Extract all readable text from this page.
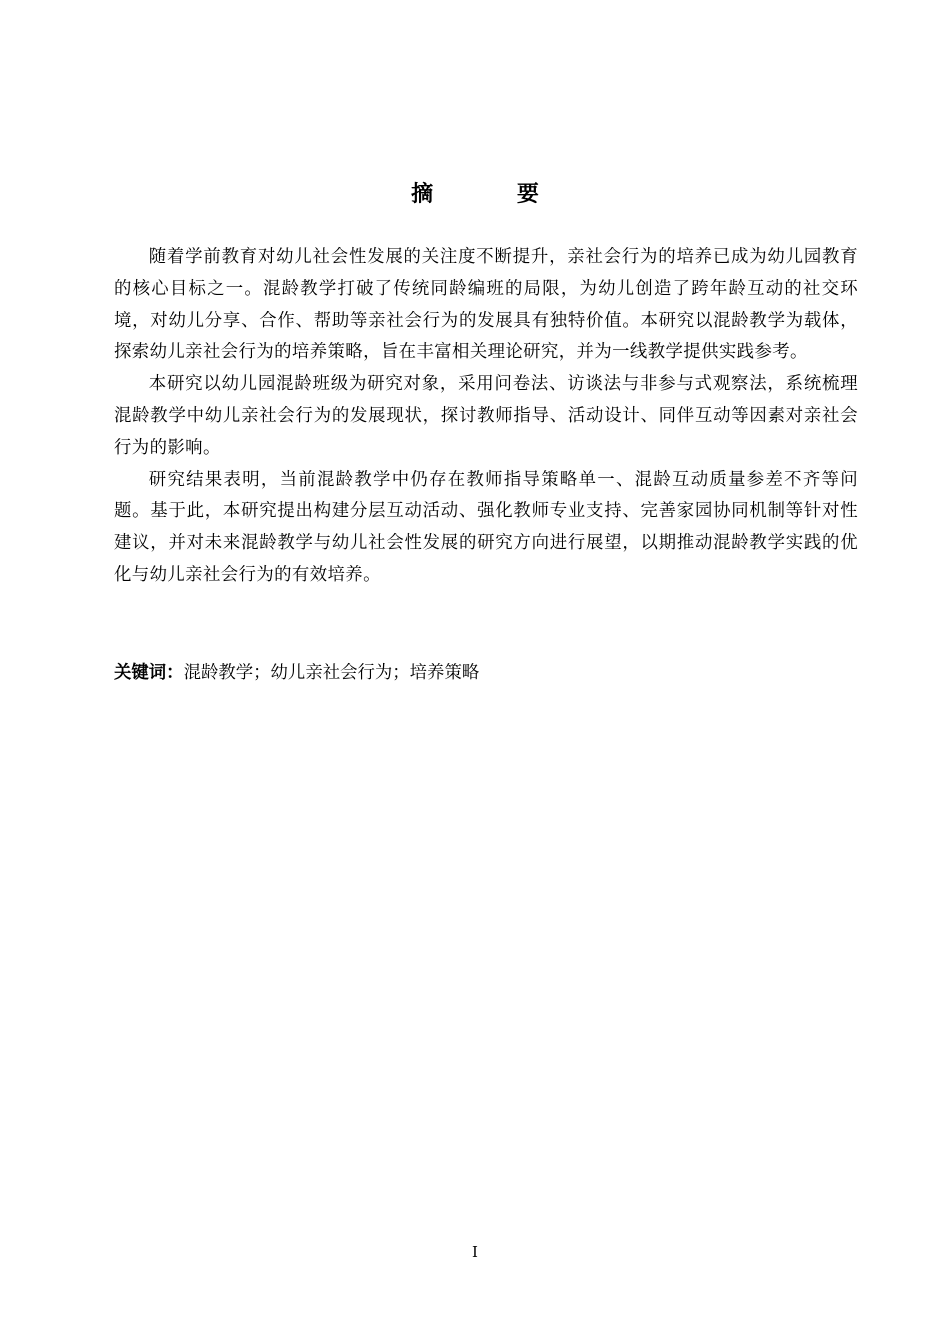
摘 要

随着学前教育对幼儿社会性发展的关注度不断提升，亲社会行为的培养已成为幼儿园教育的核心目标之一。混龄教学打破了传统同龄编班的局限，为幼儿创造了跨年龄互动的社交环境，对幼儿分享、合作、帮助等亲社会行为的发展具有独特价值。本研究以混龄教学为载体，探索幼儿亲社会行为的培养策略，旨在丰富相关理论研究，并为一线教学提供实践参考。

本研究以幼儿园混龄班级为研究对象，采用问卷法、访谈法与非参与式观察法，系统梳理混龄教学中幼儿亲社会行为的发展现状，探讨教师指导、活动设计、同伴互动等因素对亲社会行为的影响。

研究结果表明，当前混龄教学中仍存在教师指导策略单一、混龄互动质量参差不齐等问题。基于此，本研究提出构建分层互动活动、强化教师专业支持、完善家园协同机制等针对性建议，并对未来混龄教学与幼儿社会性发展的研究方向进行展望，以期推动混龄教学实践的优化与幼儿亲社会行为的有效培养。

关键词：混龄教学；幼儿亲社会行为；培养策略
I
